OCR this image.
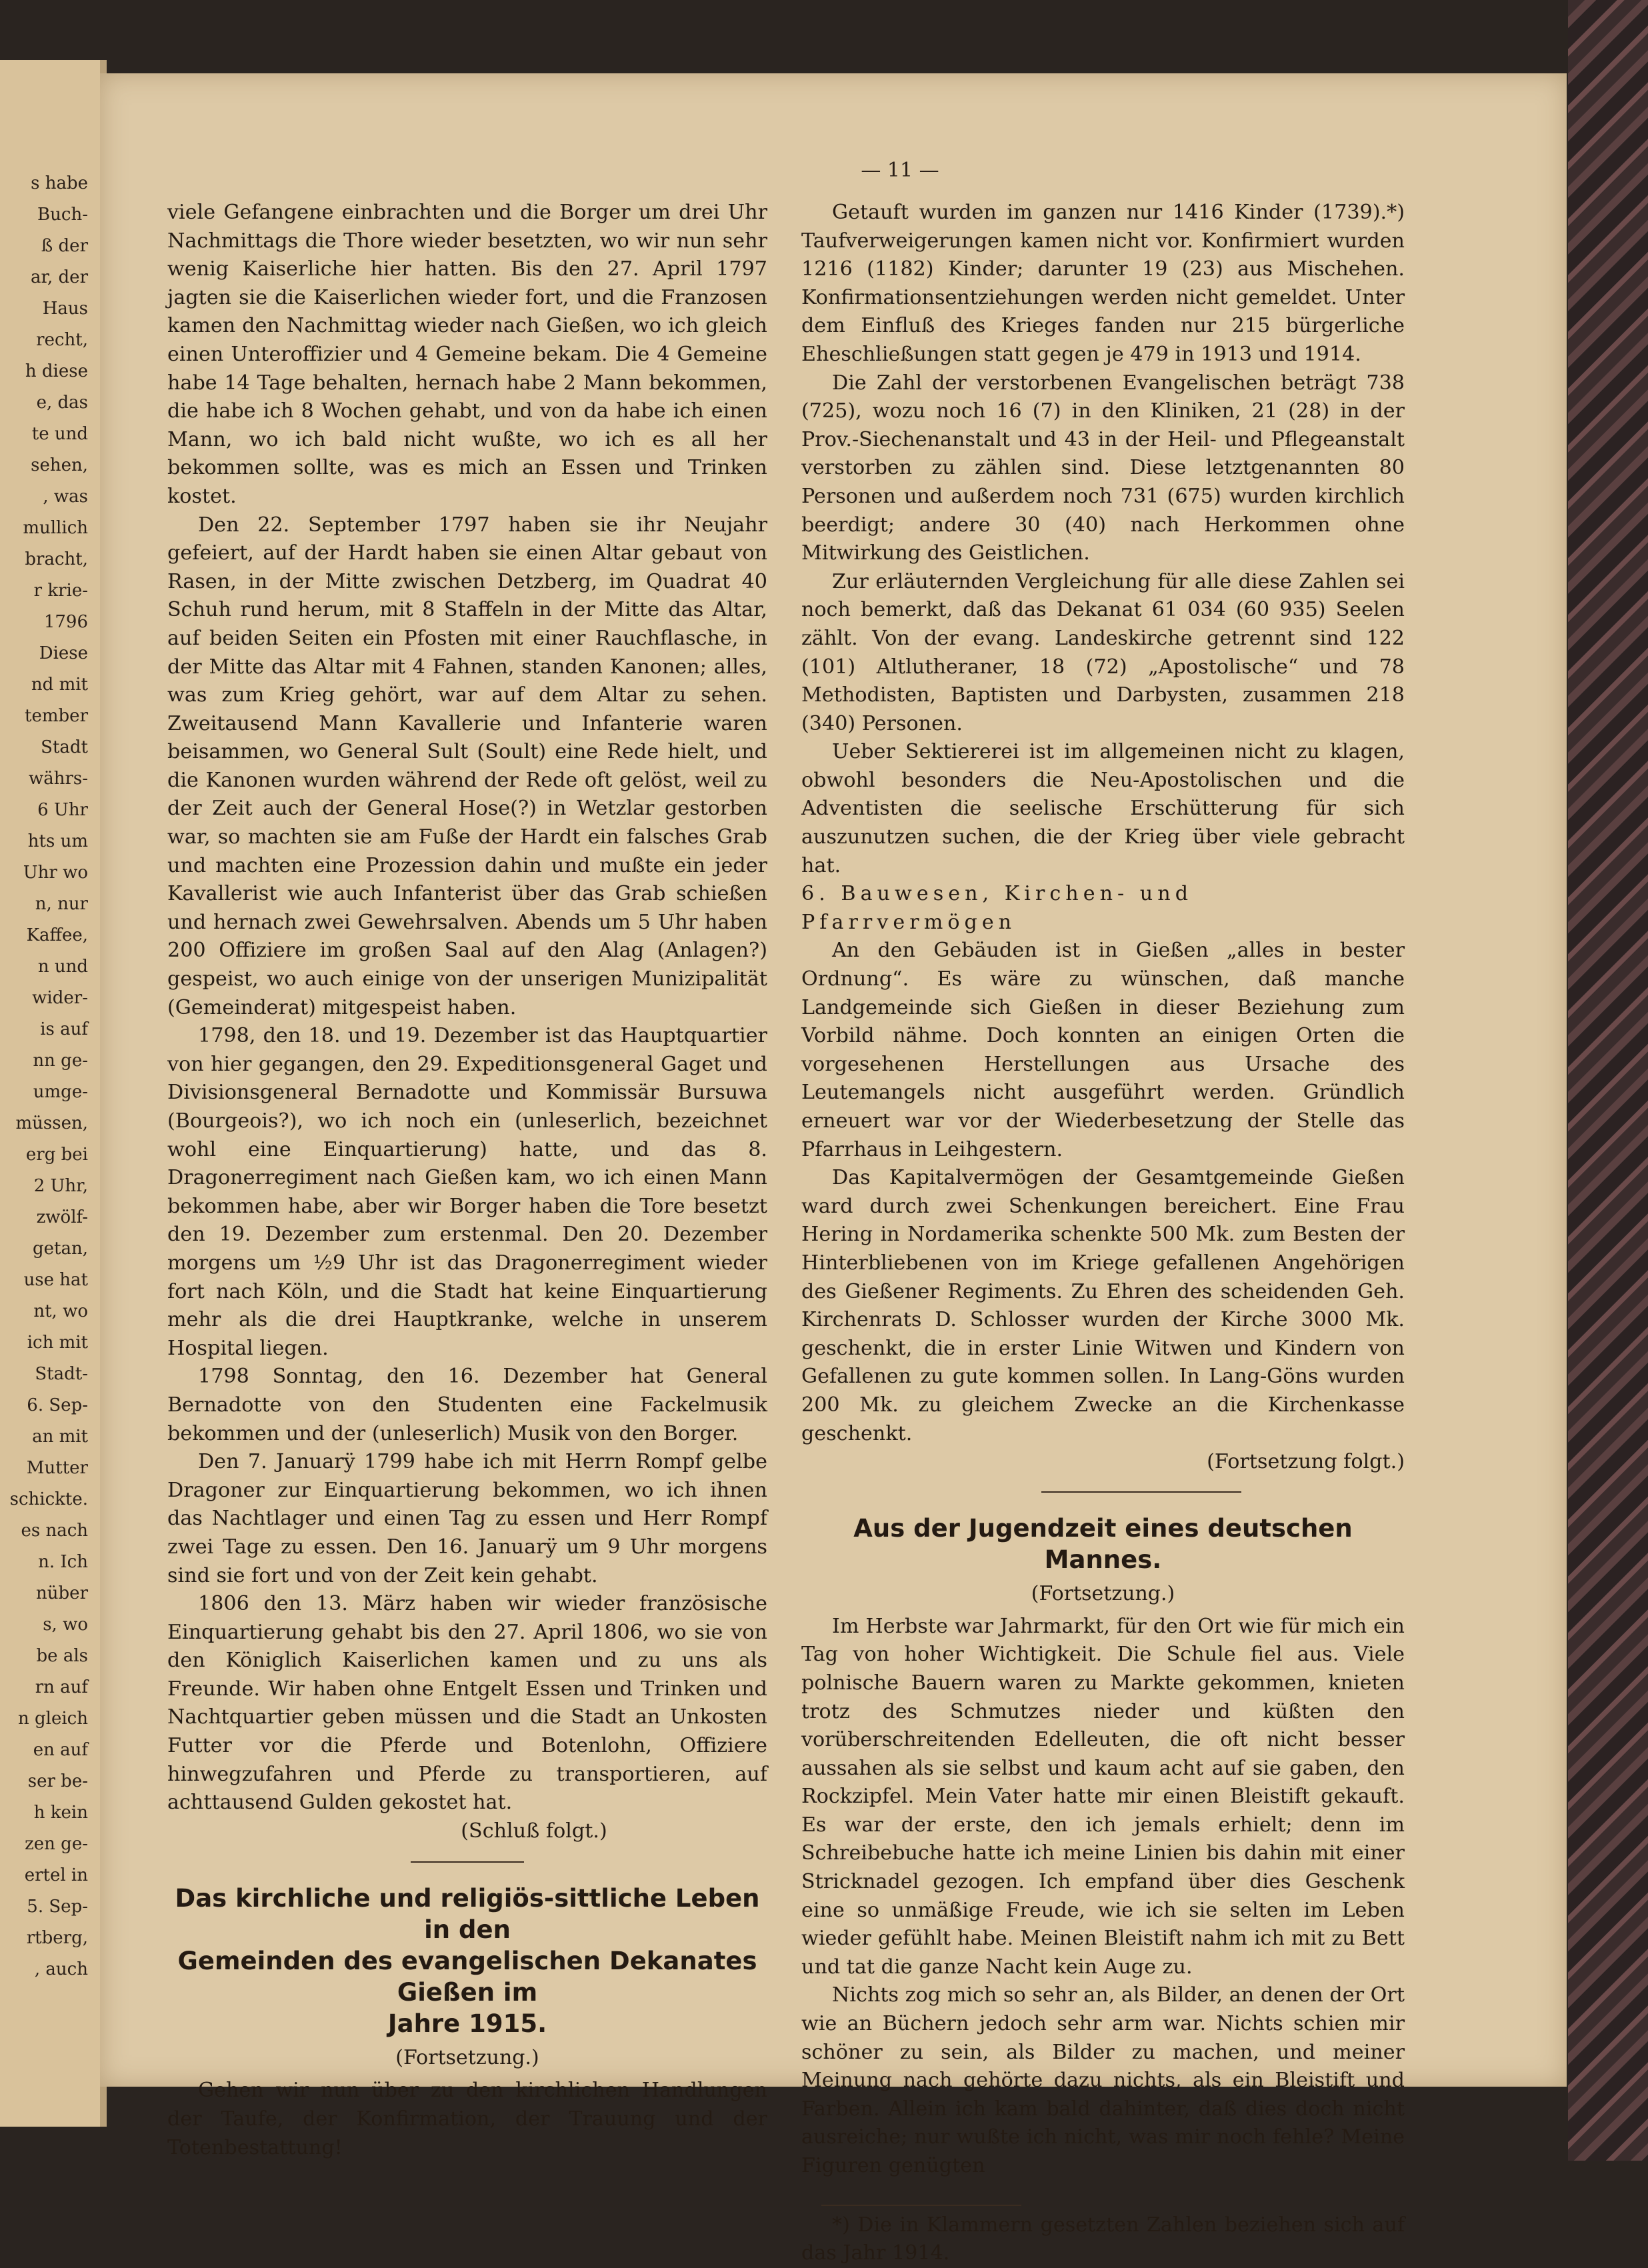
s habe
Buch-
ß der
ar, der
Haus
recht,
h diese
e, das
te und
sehen,
, was
mullich
bracht,
r krie-
1796
Diese
nd mit
tember
Stadt
währs-
6 Uhr
hts um
Uhr wo
n, nur
Kaffee,
n und
wider-
is auf
nn ge-
umge-
müssen,
erg bei
2 Uhr,
zwölf-
getan,
use hat
nt, wo
ich mit
Stadt-
6. Sep-
an mit
Mutter
schickte.
es nach
n. Ich
nüber
s, wo
be als
rn auf
n gleich
en auf
ser be-
h kein
zen ge-
ertel in
5. Sep-
rtberg,
, auch
— 11 —

viele Gefangene einbrachten und die Borger um drei Uhr Nachmittags die Thore wieder besetzten, wo wir nun sehr wenig Kaiserliche hier hatten. Bis den 27. April 1797 jagten sie die Kaiserlichen wieder fort, und die Franzosen kamen den Nachmittag wieder nach Gießen, wo ich gleich einen Unteroffizier und 4 Gemeine bekam. Die 4 Gemeine habe 14 Tage behalten, hernach habe 2 Mann bekommen, die habe ich 8 Wochen gehabt, und von da habe ich einen Mann, wo ich bald nicht wußte, wo ich es all her bekommen sollte, was es mich an Essen und Trinken kostet.

Den 22. September 1797 haben sie ihr Neujahr gefeiert, auf der Hardt haben sie einen Altar gebaut von Rasen, in der Mitte zwischen Detzberg, im Quadrat 40 Schuh rund herum, mit 8 Staffeln in der Mitte das Altar, auf beiden Seiten ein Pfosten mit einer Rauchflasche, in der Mitte das Altar mit 4 Fahnen, standen Kanonen; alles, was zum Krieg gehört, war auf dem Altar zu sehen. Zweitausend Mann Kavallerie und Infanterie waren beisammen, wo General Sult (Soult) eine Rede hielt, und die Kanonen wurden während der Rede oft gelöst, weil zu der Zeit auch der General Hose(?) in Wetzlar gestorben war, so machten sie am Fuße der Hardt ein falsches Grab und machten eine Prozession dahin und mußte ein jeder Kavallerist wie auch Infanterist über das Grab schießen und hernach zwei Gewehrsalven. Abends um 5 Uhr haben 200 Offiziere im großen Saal auf den Alag (Anlagen?) gespeist, wo auch einige von der unserigen Munizipalität (Gemeinderat) mitgespeist haben.

1798, den 18. und 19. Dezember ist das Hauptquartier von hier gegangen, den 29. Expeditionsgeneral Gaget und Divisionsgeneral Bernadotte und Kommissär Bursuwa (Bourgeois?), wo ich noch ein (unleserlich, bezeichnet wohl eine Einquartierung) hatte, und das 8. Dragonerregiment nach Gießen kam, wo ich einen Mann bekommen habe, aber wir Borger haben die Tore besetzt den 19. Dezember zum erstenmal. Den 20. Dezember morgens um ½9 Uhr ist das Dragonerregiment wieder fort nach Köln, und die Stadt hat keine Einquartierung mehr als die drei Hauptkranke, welche in unserem Hospital liegen.

1798 Sonntag, den 16. Dezember hat General Bernadotte von den Studenten eine Fackelmusik bekommen und der (unleserlich) Musik von den Borger.

Den 7. Januarÿ 1799 habe ich mit Herrn Rompf gelbe Dragoner zur Einquartierung bekommen, wo ich ihnen das Nachtlager und einen Tag zu essen und Herr Rompf zwei Tage zu essen. Den 16. Januarÿ um 9 Uhr morgens sind sie fort und von der Zeit kein gehabt.

1806 den 13. März haben wir wieder französische Einquartierung gehabt bis den 27. April 1806, wo sie von den Königlich Kaiserlichen kamen und zu uns als Freunde. Wir haben ohne Entgelt Essen und Trinken und Nachtquartier geben müssen und die Stadt an Unkosten Futter vor die Pferde und Botenlohn, Offiziere hinwegzufahren und Pferde zu transportieren, auf achttausend Gulden gekostet hat.

(Schluß folgt.)

Das kirchliche und religiös-sittliche Leben in den
Gemeinden des evangelischen Dekanates Gießen im
Jahre 1915.
(Fortsetzung.)

Gehen wir nun über zu den kirchlichen Handlungen der Taufe, der Konfirmation, der Trauung und der Totenbestattung!

Getauft wurden im ganzen nur 1416 Kinder (1739).*) Taufverweigerungen kamen nicht vor. Konfirmiert wurden 1216 (1182) Kinder; darunter 19 (23) aus Mischehen. Konfirmationsentziehungen werden nicht gemeldet. Unter dem Einfluß des Krieges fanden nur 215 bürgerliche Eheschließungen statt gegen je 479 in 1913 und 1914.

Die Zahl der verstorbenen Evangelischen beträgt 738 (725), wozu noch 16 (7) in den Kliniken, 21 (28) in der Prov.-Siechenanstalt und 43 in der Heil- und Pflegeanstalt verstorben zu zählen sind. Diese letztgenannten 80 Personen und außerdem noch 731 (675) wurden kirchlich beerdigt; andere 30 (40) nach Herkommen ohne Mitwirkung des Geistlichen.

Zur erläuternden Vergleichung für alle diese Zahlen sei noch bemerkt, daß das Dekanat 61 034 (60 935) Seelen zählt. Von der evang. Landeskirche getrennt sind 122 (101) Altlutheraner, 18 (72) „Apostolische“ und 78 Methodisten, Baptisten und Darbysten, zusammen 218 (340) Personen.

Ueber Sektiererei ist im allgemeinen nicht zu klagen, obwohl besonders die Neu-Apostolischen und die Adventisten die seelische Erschütterung für sich auszunutzen suchen, die der Krieg über viele gebracht hat.

6. Bauwesen, Kirchen- und Pfarrvermögen

An den Gebäuden ist in Gießen „alles in bester Ordnung“. Es wäre zu wünschen, daß manche Landgemeinde sich Gießen in dieser Beziehung zum Vorbild nähme. Doch konnten an einigen Orten die vorgesehenen Herstellungen aus Ursache des Leutemangels nicht ausgeführt werden. Gründlich erneuert war vor der Wiederbesetzung der Stelle das Pfarrhaus in Leihgestern.

Das Kapitalvermögen der Gesamtgemeinde Gießen ward durch zwei Schenkungen bereichert. Eine Frau Hering in Nordamerika schenkte 500 Mk. zum Besten der Hinterbliebenen von im Kriege gefallenen Angehörigen des Gießener Regiments. Zu Ehren des scheidenden Geh. Kirchenrats D. Schlosser wurden der Kirche 3000 Mk. geschenkt, die in erster Linie Witwen und Kindern von Gefallenen zu gute kommen sollen. In Lang-Göns wurden 200 Mk. zu gleichem Zwecke an die Kirchenkasse geschenkt.

(Fortsetzung folgt.)

Aus der Jugendzeit eines deutschen Mannes.
(Fortsetzung.)

Im Herbste war Jahrmarkt, für den Ort wie für mich ein Tag von hoher Wichtigkeit. Die Schule fiel aus. Viele polnische Bauern waren zu Markte gekommen, knieten trotz des Schmutzes nieder und küßten den vorüberschreitenden Edelleuten, die oft nicht besser aussahen als sie selbst und kaum acht auf sie gaben, den Rockzipfel. Mein Vater hatte mir einen Bleistift gekauft. Es war der erste, den ich jemals erhielt; denn im Schreibebuche hatte ich meine Linien bis dahin mit einer Stricknadel gezogen. Ich empfand über dies Geschenk eine so unmäßige Freude, wie ich sie selten im Leben wieder gefühlt habe. Meinen Bleistift nahm ich mit zu Bett und tat die ganze Nacht kein Auge zu.

Nichts zog mich so sehr an, als Bilder, an denen der Ort wie an Büchern jedoch sehr arm war. Nichts schien mir schöner zu sein, als Bilder zu machen, und meiner Meinung nach gehörte dazu nichts, als ein Bleistift und Farben. Allein ich kam bald dahinter, daß dies doch nicht ausreiche; nur wußte ich nicht, was mir noch fehle? Meine Figuren genügten

*) Die in Klammern gesetzten Zahlen beziehen sich auf das Jahr 1914.
